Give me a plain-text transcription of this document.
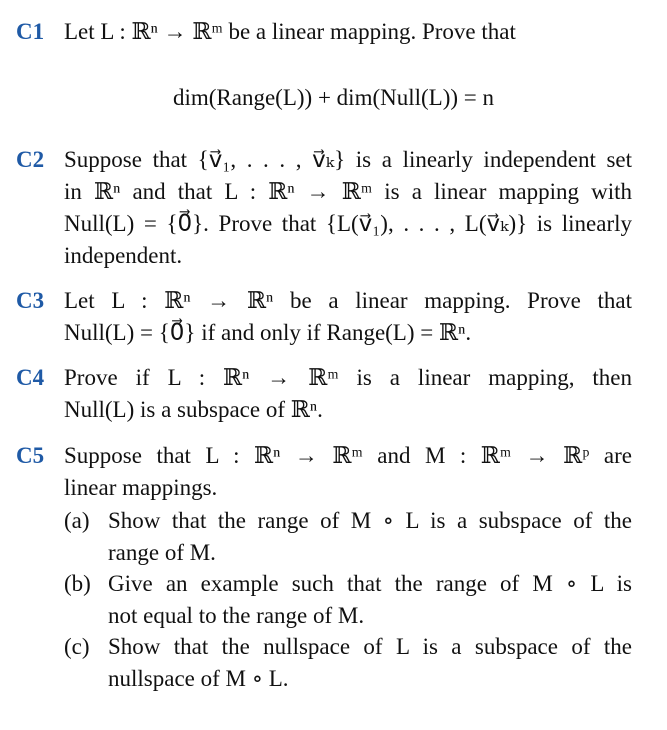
C1 Let L : ℝⁿ → ℝᵐ be a linear mapping. Prove that
dim(Range(L)) + dim(Null(L)) = n
C2 Suppose that {v⃗₁, . . . , v⃗ₖ} is a linearly independent set
in ℝⁿ and that L : ℝⁿ → ℝᵐ is a linear mapping with
Null(L) = {0⃗}. Prove that {L(v⃗₁), . . . , L(v⃗ₖ)} is linearly
independent.
C3 Let L : ℝⁿ → ℝⁿ be a linear mapping. Prove that
Null(L) = {0⃗} if and only if Range(L) = ℝⁿ.
C4 Prove if L : ℝⁿ → ℝᵐ is a linear mapping, then
Null(L) is a subspace of ℝⁿ.
C5 Suppose that L : ℝⁿ → ℝᵐ and M : ℝᵐ → ℝᵖ are
linear mappings.
(a) Show that the range of M ∘ L is a subspace of the
range of M.
(b) Give an example such that the range of M ∘ L is
not equal to the range of M.
(c) Show that the nullspace of L is a subspace of the
nullspace of M ∘ L.
